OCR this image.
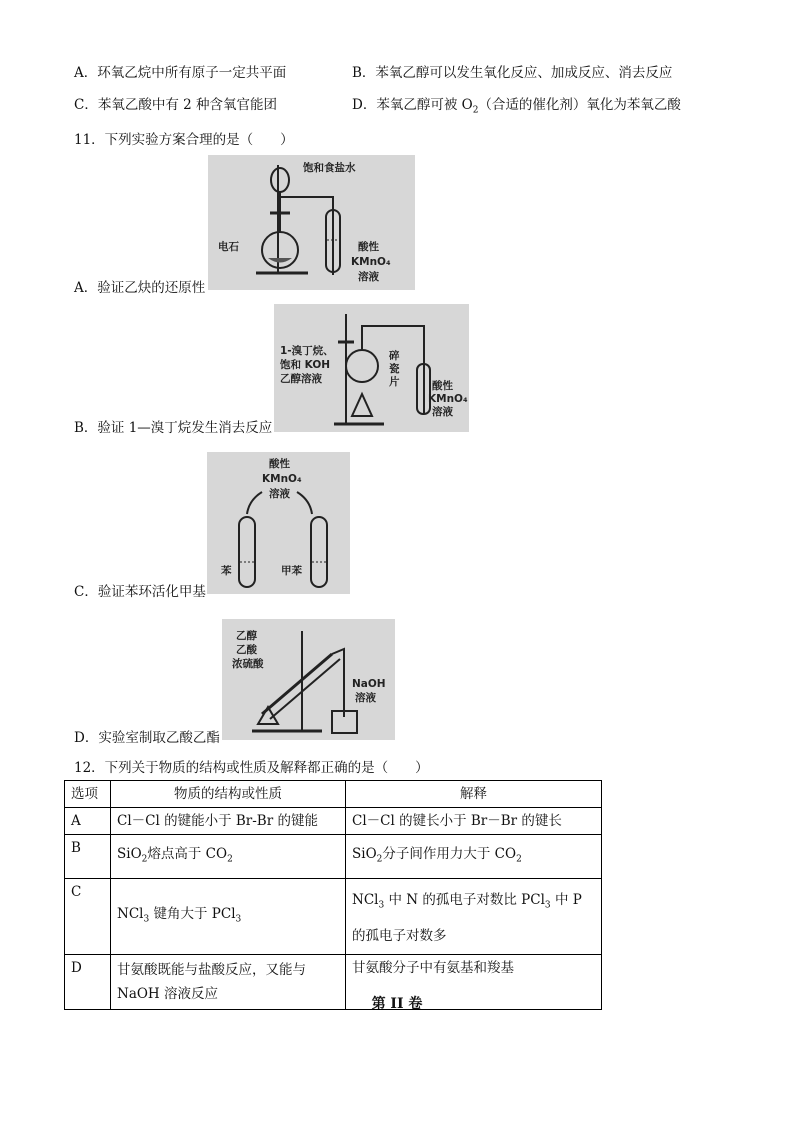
A．环氧乙烷中所有原子一定共平面	B．苯氧乙醇可以发生氧化反应、加成反应、消去反应
C．苯氧乙酸中有 2 种含氧官能团	D．苯氧乙醇可被 $O_2$（合适的催化剂）氧化为苯氧乙酸
11．下列实验方案合理的是（　　）
饱和食盐水
电石	酸性
KMnO₄
溶液
A．验证乙炔的还原性
1-溴丁烷、
饱和 KOH
乙醇溶液
碎
瓷
片	酸性
KMnO₄
溶液
B．验证 1—溴丁烷发生消去反应
酸性
KMnO₄
溶液
苯	甲苯
C．验证苯环活化甲基
乙醇
乙酸
浓硫酸
NaOH
溶液
D．实验室制取乙酸乙酯
12．下列关于物质的结构或性质及解释都正确的是（　　）
选项	物质的结构或性质	解释
A	Cl－Cl 的键能小于 Br-Br 的键能	Cl－Cl 的键长小于 Br－Br 的键长
B	SiO$_2$熔点高于 $CO_2$	SiO$_2$分子间作用力大于 $CO_2$
C	NCl$_3$ 键角大于 PCl$_3$	NCl$_3$ 中 N 的孤电子对数比 PCl$_3$ 中 P
的孤电子对数多

D	甘氨酸既能与盐酸反应，又能与
NaOH 溶液反应	甘氨酸分子中有氨基和羧基
第 II 卷
